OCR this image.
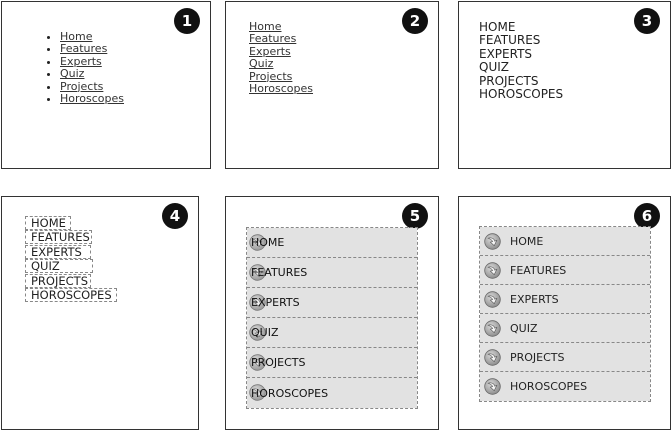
1
• Home
• Features
• Experts
• Quiz
• Projects
• Horoscopes
2
Home
Features
Experts
Quiz
Projects
Horoscopes
3
HOME
FEATURES
EXPERTS
QUIZ
PROJECTS
HOROSCOPES
4
HOME
FEATURES
EXPERTS
QUIZ
PROJECTS
HOROSCOPES
5
HOME
FEATURES
EXPERTS
QUIZ
PROJECTS
HOROSCOPES
6
HOME
FEATURES
EXPERTS
QUIZ
PROJECTS
HOROSCOPES
